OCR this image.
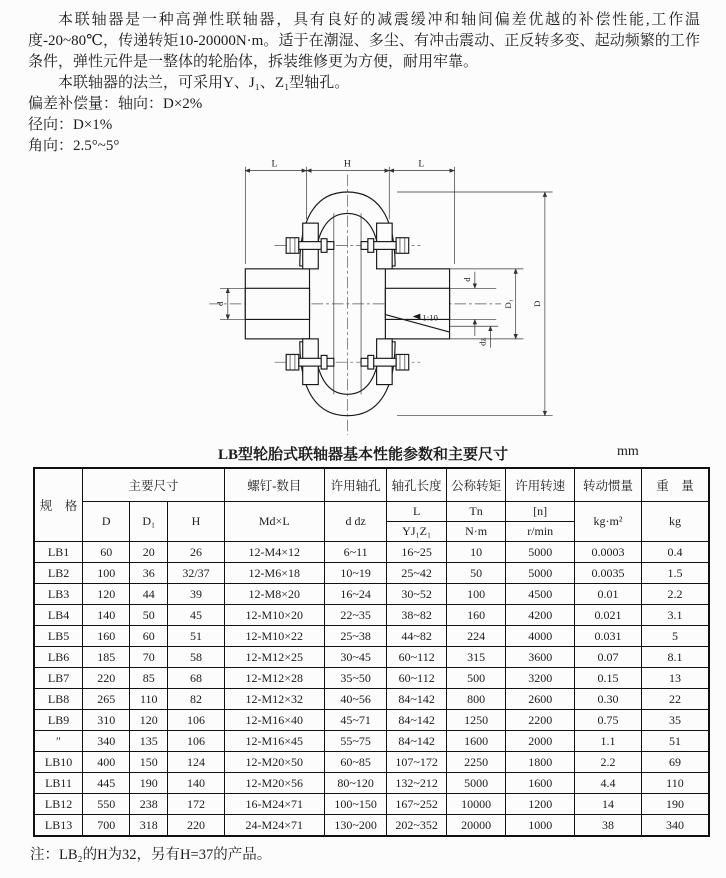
本联轴器是一种高弹性联轴器，具有良好的减震缓冲和轴间偏差优越的补偿性能,工作温度-20~80℃，传递转矩10-20000N·m。适于在潮湿、多尘、有冲击震动、正反转多变、起动频繁的工作条件，弹性元件是一整体的轮胎体，拆装维修更为方便，耐用牢靠。

本联轴器的法兰，可采用Y、J₁、Z₁型轴孔。

偏差补偿量：轴向：D×2%

径向：D×1%

角向：2.5°~5°

L	H	L
d
d
dz
D₁ D
1:10
LB型轮胎式联轴器基本性能参数和主要尺寸	mm
规　格	主要尺寸			螺钉-数目	许用轴孔	轴孔长度	公称转矩	许用转速	转动惯量	重　量
	D	D₁	H	Md×L	d dz	L	Tn	[n]	kg·m²	kg
						YJ₁Z₁	N·m	r/min		
LB1	60	20	26	12-M4×12	6~11	16~25	10	5000	0.0003	0.4
LB2	100	36	32/37	12-M6×18	10~19	25~42	50	5000	0.0035	1.5
LB3	120	44	39	12-M8×20	16~24	30~52	100	4500	0.01	2.2
LB4	140	50	45	12-M10×20	22~35	38~82	160	4200	0.021	3.1
LB5	160	60	51	12-M10×22	25~38	44~82	224	4000	0.031	5
LB6	185	70	58	12-M12×25	30~45	60~112	315	3600	0.07	8.1
LB7	220	85	68	12-M12×28	35~50	60~112	500	3200	0.15	13
LB8	265	110	82	12-M12×32	40~56	84~142	800	2600	0.30	22
LB9	310	120	106	12-M16×40	45~71	84~142	1250	2200	0.75	35
″	340	135	106	12-M16×45	55~75	84~142	1600	2000	1.1	51
LB10	400	150	124	12-M20×50	60~85	107~172	2250	1800	2.2	69
LB11	445	190	140	12-M20×56	80~120	132~212	5000	1600	4.4	110
LB12	550	238	172	16-M24×71	100~150	167~252	10000	1200	14	190
LB13	700	318	220	24-M24×71	130~200	202~352	20000	1000	38	340
注：LB₂的H为32，另有H=37的产品。
